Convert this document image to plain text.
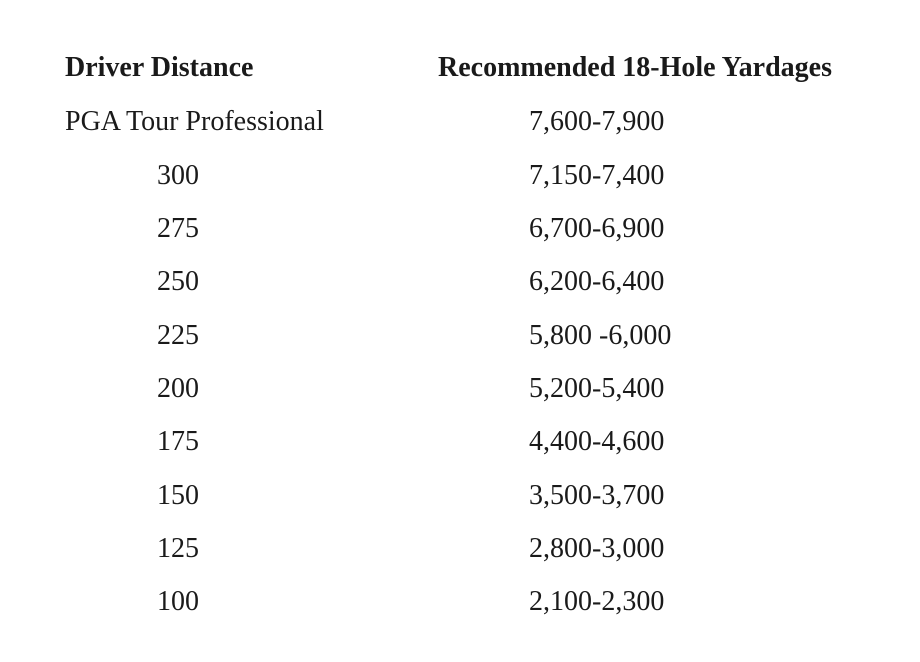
Driver Distance	Recommended 18-Hole Yardages
PGA Tour Professional	7,600-7,900
300	7,150-7,400
275	6,700-6,900
250	6,200-6,400
225	5,800 -6,000
200	5,200-5,400
175	4,400-4,600
150	3,500-3,700
125	2,800-3,000
100	2,100-2,300
